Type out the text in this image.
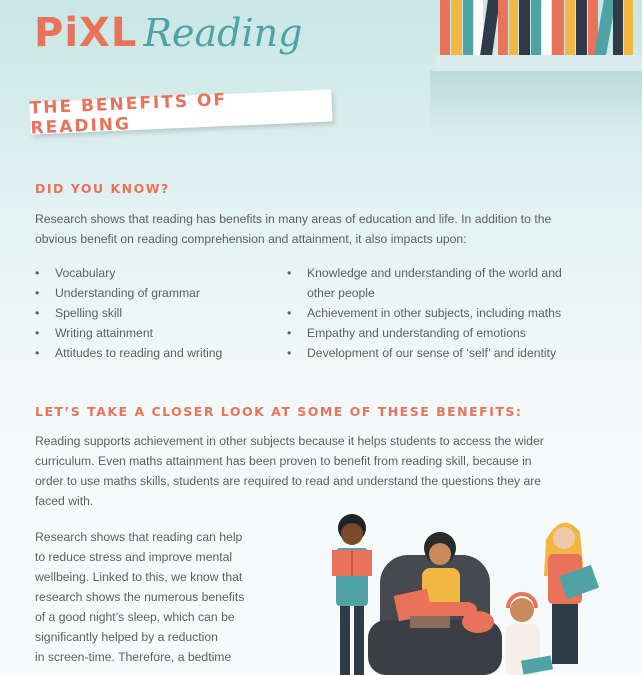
PiXL Reading
THE BENEFITS OF READING
DID YOU KNOW?
Research shows that reading has benefits in many areas of education and life. In addition to the
obvious benefit on reading comprehension and attainment, it also impacts upon:
• Vocabulary
• Understanding of grammar
• Spelling skill
• Writing attainment
• Attitudes to reading and writing
• Knowledge and understanding of the world and
other people
• Achievement in other subjects, including maths
• Empathy and understanding of emotions
• Development of our sense of ‘self’ and identity
LET’S TAKE A CLOSER LOOK AT SOME OF THESE BENEFITS:
Reading supports achievement in other subjects because it helps students to access the wider
curriculum. Even maths attainment has been proven to benefit from reading skill, because in
order to use maths skills, students are required to read and understand the questions they are
faced with.
Research shows that reading can help
to reduce stress and improve mental
wellbeing. Linked to this, we know that
research shows the numerous benefits
of a good night’s sleep, which can be
significantly helped by a reduction
in screen-time. Therefore, a bedtime
